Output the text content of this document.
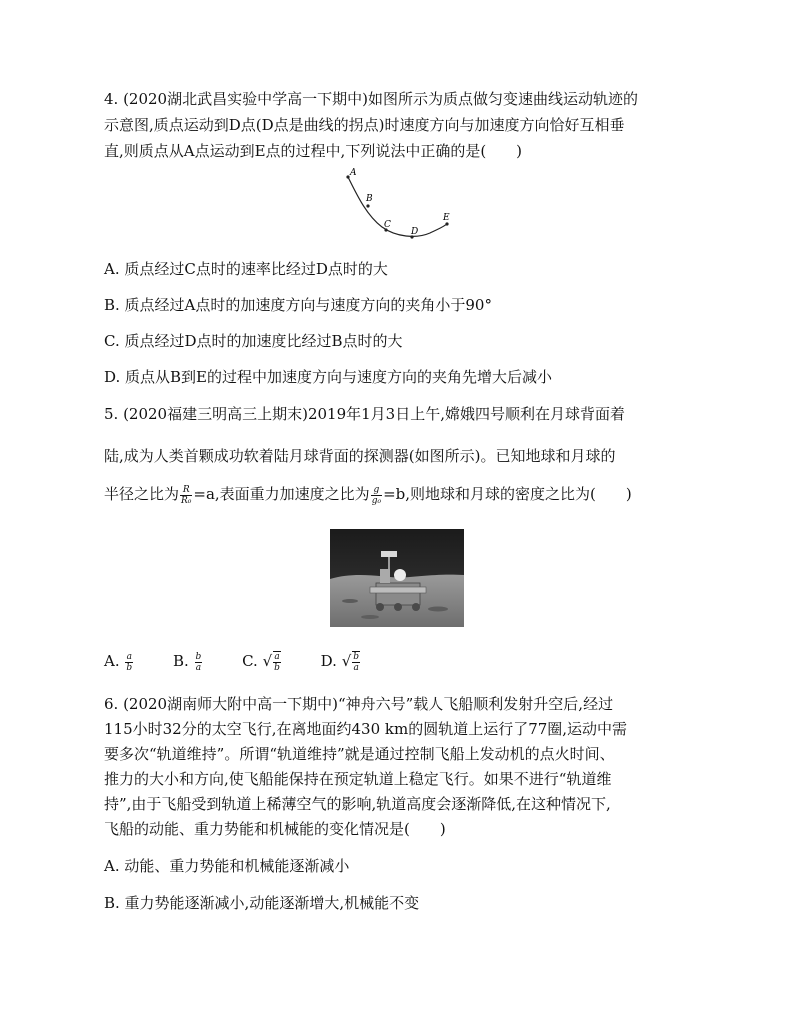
4. (2020湖北武昌实验中学高一下期中)如图所示为质点做匀变速曲线运动轨迹的
示意图,质点运动到D点(D点是曲线的拐点)时速度方向与加速度方向恰好互相垂
直,则质点从A点运动到E点的过程中,下列说法中正确的是(　　)
A
B
C
D
E
A. 质点经过C点时的速率比经过D点时的大
B. 质点经过A点时的加速度方向与速度方向的夹角小于90°
C. 质点经过D点时的加速度比经过B点时的大
D. 质点从B到E的过程中加速度方向与速度方向的夹角先增大后减小
5. (2020福建三明高三上期末)2019年1月3日上午,嫦娥四号顺利在月球背面着
陆,成为人类首颗成功软着陆月球背面的探测器(如图所示)。已知地球和月球的
半径之比为 $\frac{R}{\text{R₀}} =a$,表面重力加速度之比为 $\frac{g}{\text{g₀}} =b$,则地球和月球的密度之比为(　　)
A. $\frac{a}{b}$	B. $\frac{b}{a}$	C. √ $\frac{a}{b}$	D. √ $\frac{b}{a}$
6. (2020湖南师大附中高一下期中)“神舟六号”载人飞船顺利发射升空后,经过
115小时32分的太空飞行,在离地面约430 km的圆轨道上运行了77圈,运动中需
要多次“轨道维持”。所谓“轨道维持”就是通过控制飞船上发动机的点火时间、
推力的大小和方向,使飞船能保持在预定轨道上稳定飞行。如果不进行“轨道维
持”,由于飞船受到轨道上稀薄空气的影响,轨道高度会逐渐降低,在这种情况下,
飞船的动能、重力势能和机械能的变化情况是(　　)
A. 动能、重力势能和机械能逐渐减小
B. 重力势能逐渐减小,动能逐渐增大,机械能不变
